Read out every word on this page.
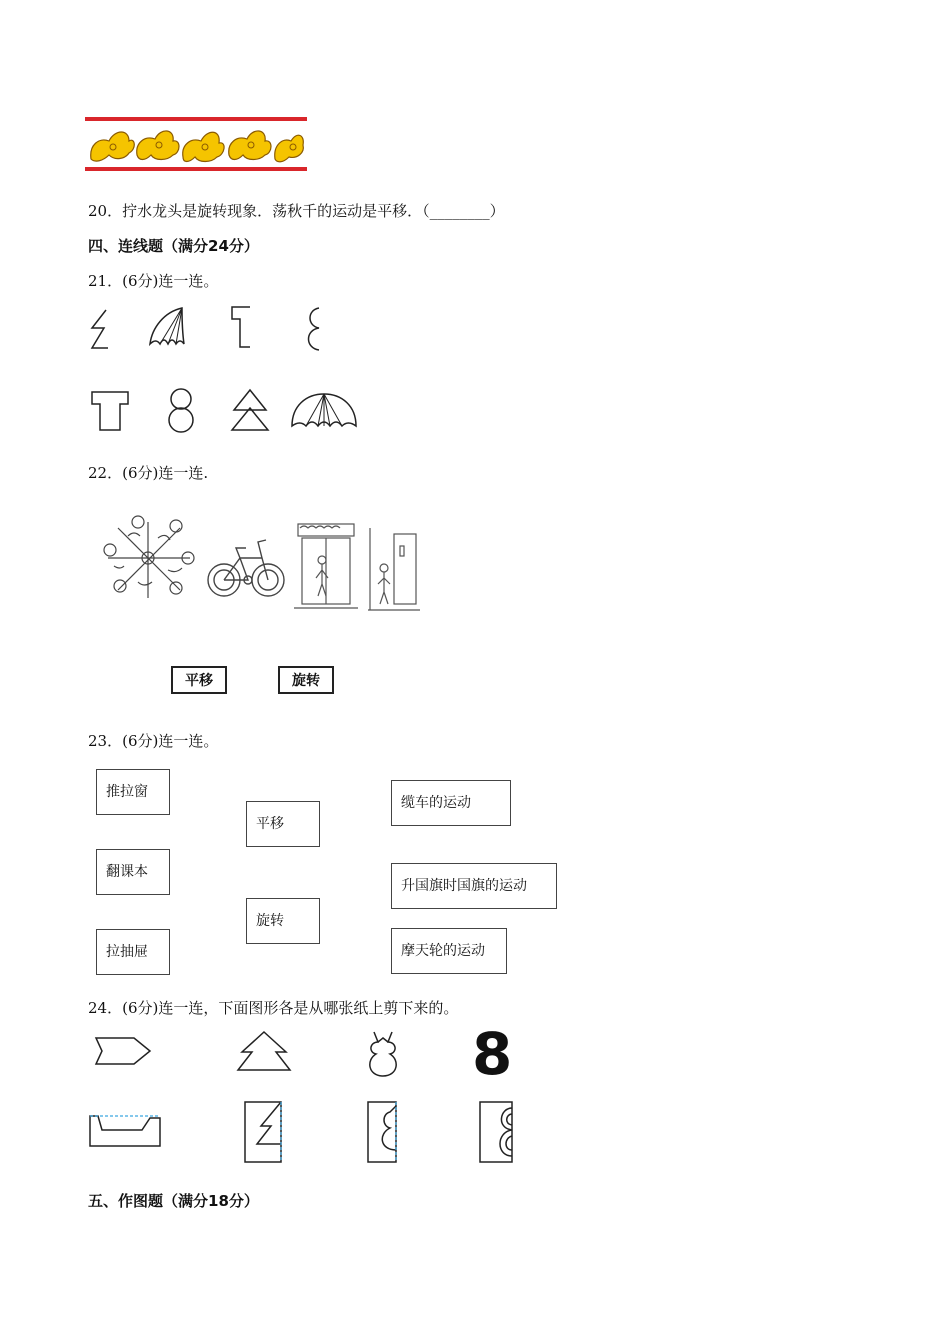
20．拧水龙头是旋转现象．荡秋千的运动是平移．（________）
四、连线题（满分24分）
21．(6分)连一连。
22．(6分)连一连.
平移	旋转
23．(6分)连一连。
推拉窗
翻课本
拉抽屉
平移
旋转
缆车的运动
升国旗时国旗的运动
摩天轮的运动
24．(6分)连一连，下面图形各是从哪张纸上剪下来的。
8
五、作图题（满分18分）
